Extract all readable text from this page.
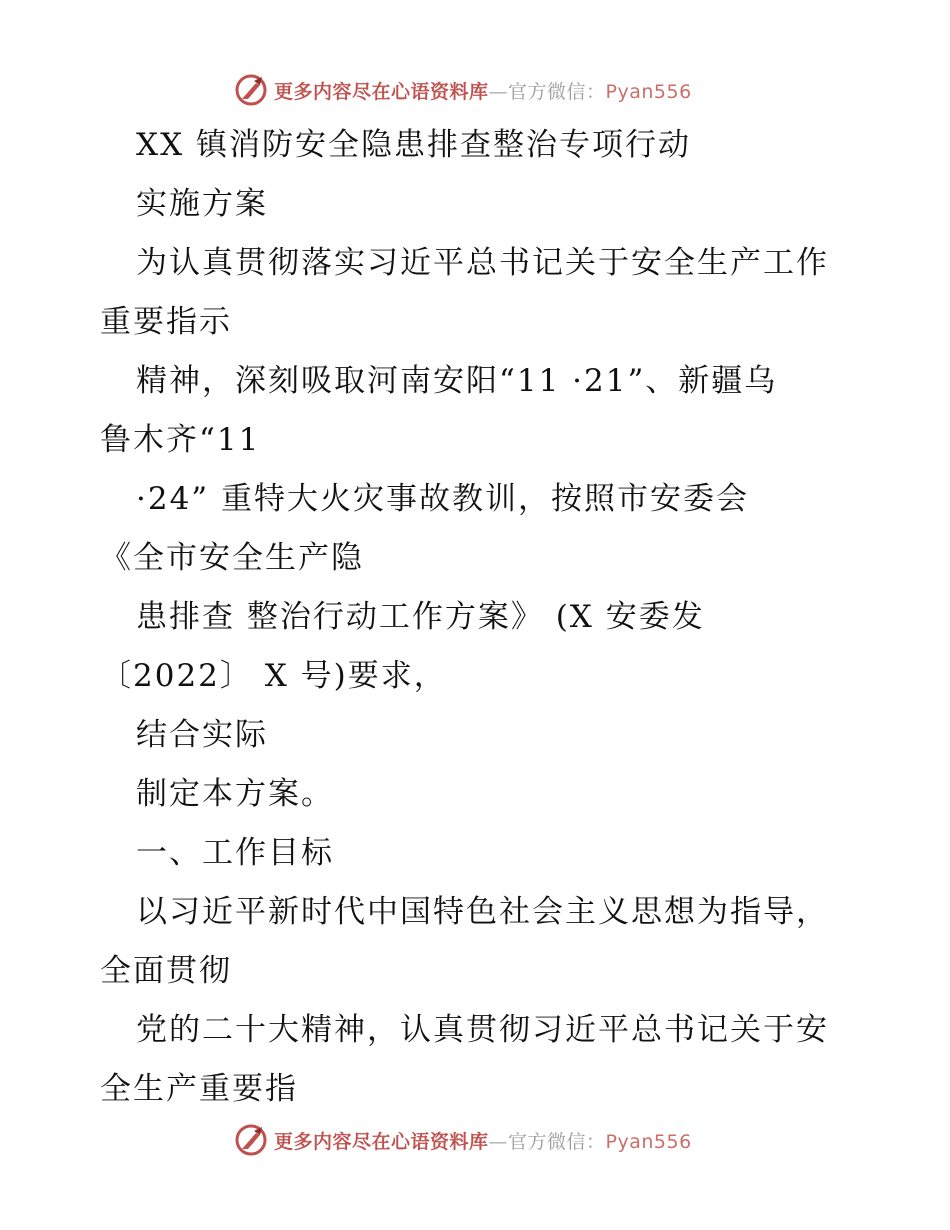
更多内容尽在心语资料库—官方微信：Pyan556
XX 镇消防安全隐患排查整治专项行动
实施方案
为认真贯彻落实习近平总书记关于安全生产工作
重要指示
精神，深刻吸取河南安阳“11 ·21”、新疆乌
鲁木齐“11
·24” 重特大火灾事故教训，按照市安委会
《全市安全生产隐
患排查 整治行动工作方案》 (X 安委发
〔2022〕 X 号)要求，
结合实际
制定本方案。
一、工作目标
以习近平新时代中国特色社会主义思想为指导，
全面贯彻
党的二十大精神，认真贯彻习近平总书记关于安
全生产重要指
更多内容尽在心语资料库—官方微信：Pyan556
